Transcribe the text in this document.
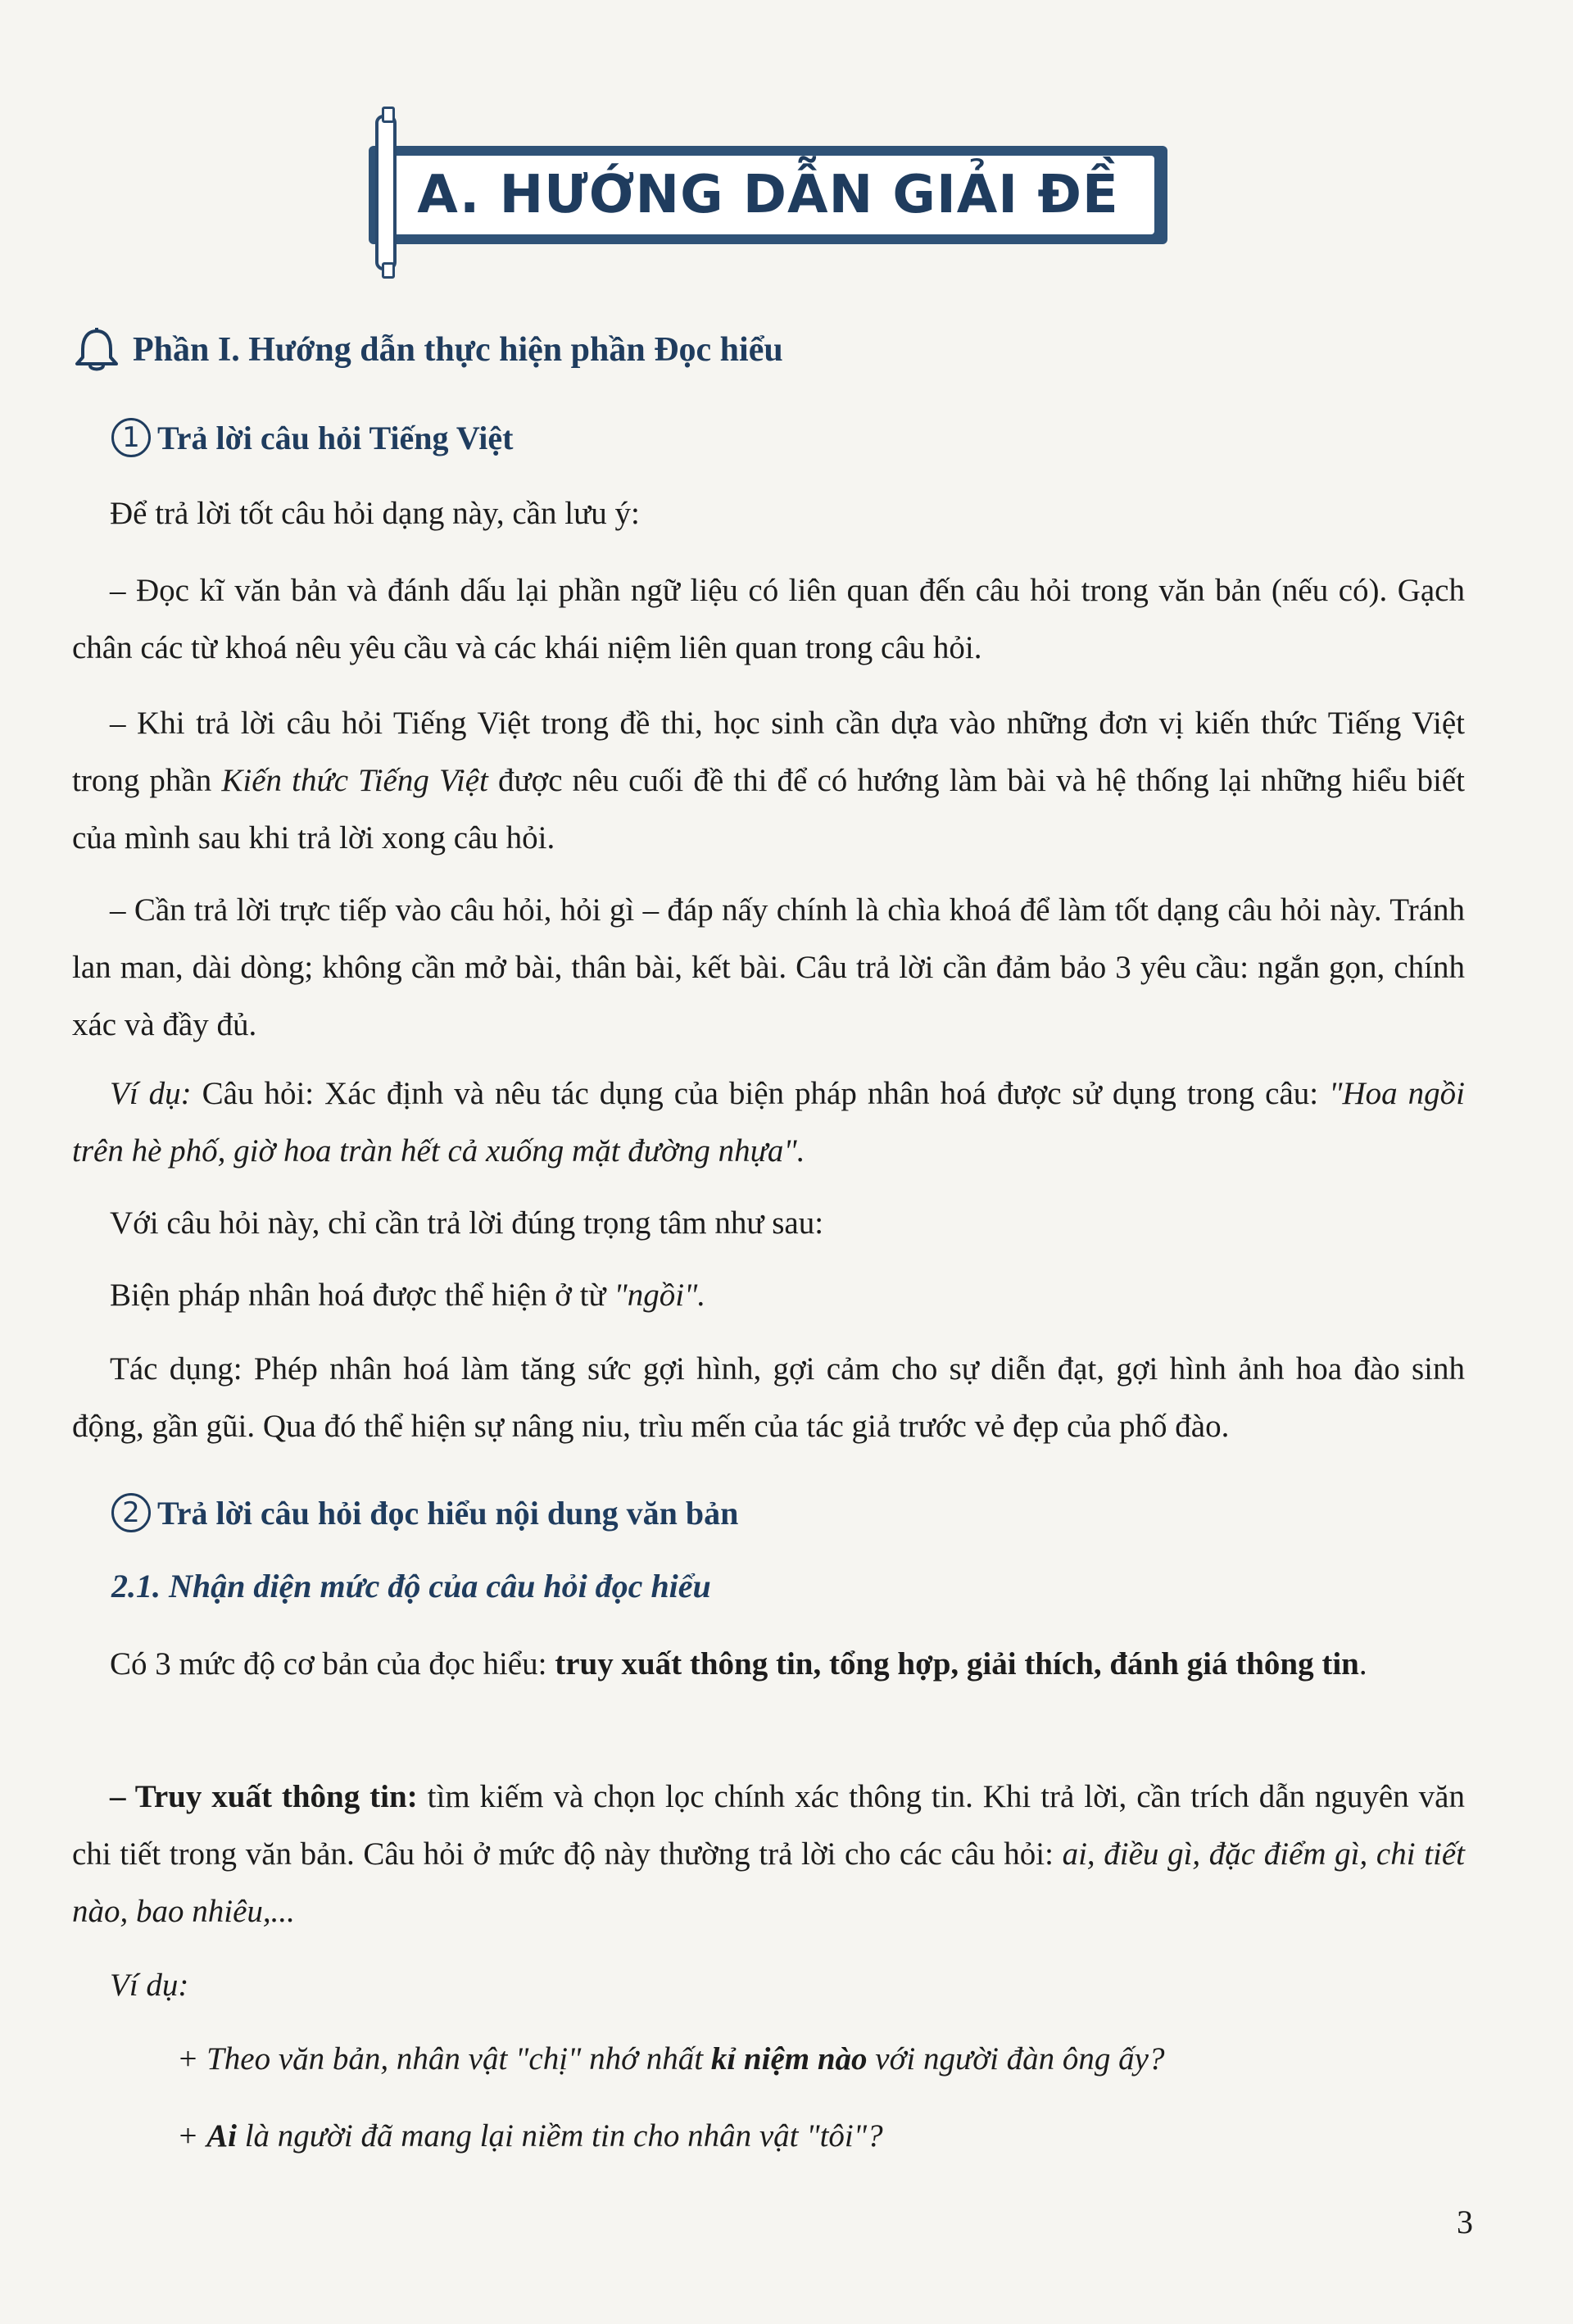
A. HƯỚNG DẪN GIẢI ĐỀ
Phần I. Hướng dẫn thực hiện phần Đọc hiểu
1 Trả lời câu hỏi Tiếng Việt
Để trả lời tốt câu hỏi dạng này, cần lưu ý:
– Đọc kĩ văn bản và đánh dấu lại phần ngữ liệu có liên quan đến câu hỏi trong văn bản (nếu có). Gạch chân các từ khoá nêu yêu cầu và các khái niệm liên quan trong câu hỏi.
– Khi trả lời câu hỏi Tiếng Việt trong đề thi, học sinh cần dựa vào những đơn vị kiến thức Tiếng Việt trong phần Kiến thức Tiếng Việt được nêu cuối đề thi để có hướng làm bài và hệ thống lại những hiểu biết của mình sau khi trả lời xong câu hỏi.
– Cần trả lời trực tiếp vào câu hỏi, hỏi gì – đáp nấy chính là chìa khoá để làm tốt dạng câu hỏi này. Tránh lan man, dài dòng; không cần mở bài, thân bài, kết bài. Câu trả lời cần đảm bảo 3 yêu cầu: ngắn gọn, chính xác và đầy đủ.
Ví dụ: Câu hỏi: Xác định và nêu tác dụng của biện pháp nhân hoá được sử dụng trong câu: "Hoa ngồi trên hè phố, giờ hoa tràn hết cả xuống mặt đường nhựa".
Với câu hỏi này, chỉ cần trả lời đúng trọng tâm như sau:
Biện pháp nhân hoá được thể hiện ở từ "ngồi".
Tác dụng: Phép nhân hoá làm tăng sức gợi hình, gợi cảm cho sự diễn đạt, gợi hình ảnh hoa đào sinh động, gần gũi. Qua đó thể hiện sự nâng niu, trìu mến của tác giả trước vẻ đẹp của phố đào.
2 Trả lời câu hỏi đọc hiểu nội dung văn bản
2.1. Nhận diện mức độ của câu hỏi đọc hiểu
Có 3 mức độ cơ bản của đọc hiểu: truy xuất thông tin, tổng hợp, giải thích, đánh giá thông tin.
– Truy xuất thông tin: tìm kiếm và chọn lọc chính xác thông tin. Khi trả lời, cần trích dẫn nguyên văn chi tiết trong văn bản. Câu hỏi ở mức độ này thường trả lời cho các câu hỏi: ai, điều gì, đặc điểm gì, chi tiết nào, bao nhiêu,...
Ví dụ:
+ Theo văn bản, nhân vật "chị" nhớ nhất kỉ niệm nào với người đàn ông ấy?
+ Ai là người đã mang lại niềm tin cho nhân vật "tôi"?
3
